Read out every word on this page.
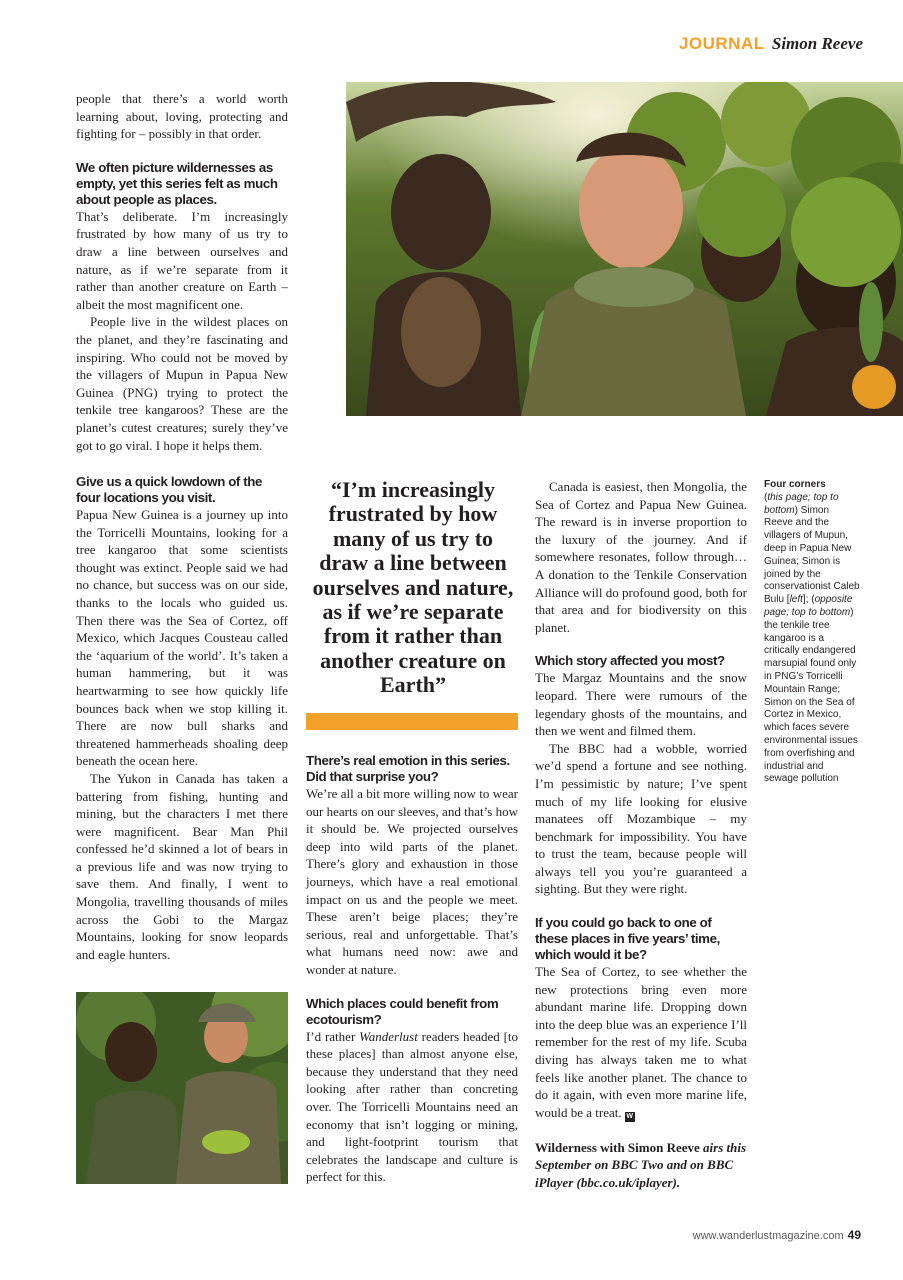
JOURNAL Simon Reeve

people that there’s a world worth learning about, loving, protecting and fighting for – possibly in that order.

We often picture wildernesses as empty, yet this series felt as much about people as places.

That’s deliberate. I’m increasingly frustrated by how many of us try to draw a line between ourselves and nature, as if we’re separate from it rather than another creature on Earth – albeit the most magnificent one.

People live in the wildest places on the planet, and they’re fascinating and inspiring. Who could not be moved by the villagers of Mupun in Papua New Guinea (PNG) trying to protect the tenkile tree kangaroos? These are the planet’s cutest creatures; surely they’ve got to go viral. I hope it helps them.

Give us a quick lowdown of the four locations you visit.

Papua New Guinea is a journey up into the Torricelli Mountains, looking for a tree kangaroo that some scientists thought was extinct. People said we had no chance, but success was on our side, thanks to the locals who guided us. Then there was the Sea of Cortez, off Mexico, which Jacques Cousteau called the ‘aquarium of the world’. It’s taken a human hammering, but it was heartwarming to see how quickly life bounces back when we stop killing it. There are now bull sharks and threatened hammerheads shoaling deep beneath the ocean here.

The Yukon in Canada has taken a battering from fishing, hunting and mining, but the characters I met there were magnificent. Bear Man Phil confessed he’d skinned a lot of bears in a previous life and was now trying to save them. And finally, I went to Mongolia, travelling thousands of miles across the Gobi to the Margaz Mountains, looking for snow leopards and eagle hunters.

“I’m increasingly frustrated by how many of us try to draw a line between ourselves and nature, as if we’re separate from it rather than another creature on Earth”
There’s real emotion in this series. Did that surprise you?

We’re all a bit more willing now to wear our hearts on our sleeves, and that’s how it should be. We projected ourselves deep into wild parts of the planet. There’s glory and exhaustion in those journeys, which have a real emotional impact on us and the people we meet. These aren’t beige places; they’re serious, real and unforgettable. That’s what humans need now: awe and wonder at nature.

Which places could benefit from ecotourism?

I’d rather Wanderlust readers headed [to these places] than almost anyone else, because they understand that they need looking after rather than concreting over. The Torricelli Mountains need an economy that isn’t logging or mining, and light-footprint tourism that celebrates the landscape and culture is perfect for this.

Canada is easiest, then Mongolia, the Sea of Cortez and Papua New Guinea. The reward is in inverse proportion to the luxury of the journey. And if somewhere resonates, follow through… A donation to the Tenkile Conservation Alliance will do profound good, both for that area and for biodiversity on this planet.

Which story affected you most?

The Margaz Mountains and the snow leopard. There were rumours of the legendary ghosts of the mountains, and then we went and filmed them.

The BBC had a wobble, worried we’d spend a fortune and see nothing. I’m pessimistic by nature; I’ve spent much of my life looking for elusive manatees off Mozambique – my benchmark for impossibility. You have to trust the team, because people will always tell you you’re guaranteed a sighting. But they were right.

If you could go back to one of these places in five years’ time, which would it be?

The Sea of Cortez, to see whether the new protections bring even more abundant marine life. Dropping down into the deep blue was an experience I’ll remember for the rest of my life. Scuba diving has always taken me to what feels like another planet. The chance to do it again, with even more marine life, would be a treat. W

Wilderness with Simon Reeve airs this September on BBC Two and on BBC iPlayer (bbc.co.uk/iplayer).

Four corners
(this page; top to bottom) Simon Reeve and the villagers of Mupun, deep in Papua New Guinea; Simon is joined by the conservationist Caleb Bulu [left]; (opposite page; top to bottom) the tenkile tree kangaroo is a critically endangered marsupial found only in PNG’s Torricelli Mountain Range; Simon on the Sea of Cortez in Mexico, which faces severe environmental issues from overfishing and industrial and sewage pollution
www.wanderlustmagazine.com 49
